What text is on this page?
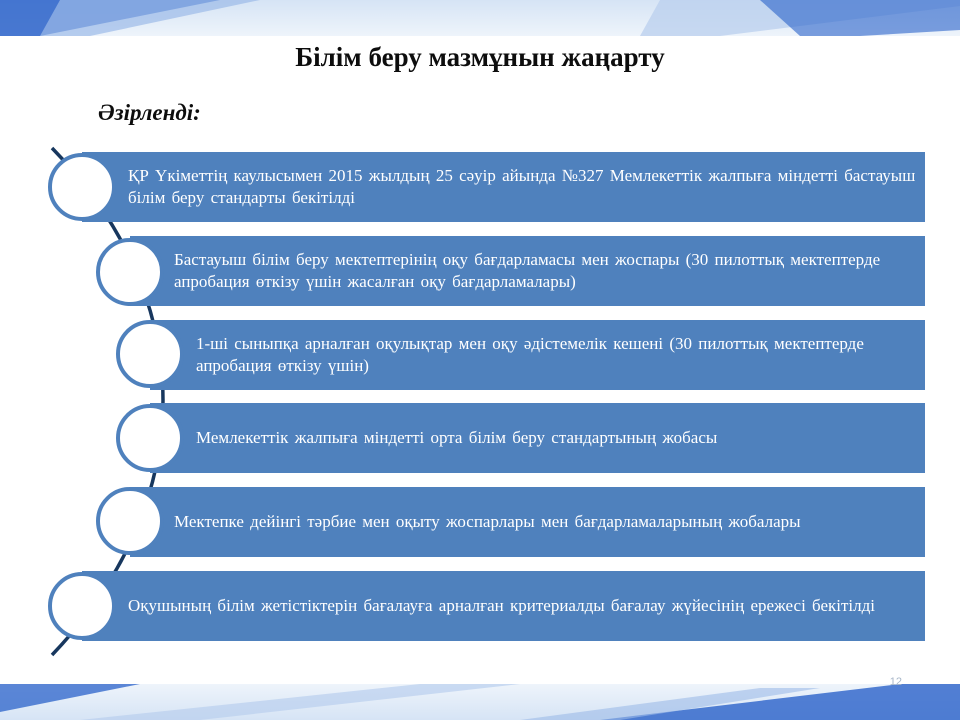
Білім беру мазмұнын жаңарту
Әзірленді:
ҚР Үкіметтің каулысымен 2015 жылдың 25 сәуір айында №327 Мемлекеттік жалпыға міндетті бастауыш білім беру стандарты бекітілді
Бастауыш білім беру мектептерінің оқу бағдарламасы мен жоспары (30 пилоттық мектептерде апробация өткізу үшін жасалған оқу бағдарламалары)
1-ші сыныпқа арналған оқулықтар мен оқу әдістемелік кешені (30 пилоттық мектептерде апробация өткізу үшін)
Мемлекеттік жалпыға міндетті орта білім беру стандартының жобасы
Мектепке дейінгі тәрбие мен оқыту жоспарлары мен бағдарламаларының жобалары
Оқушының білім жетістіктерін бағалауға арналған критериалды бағалау жүйесінің ережесі бекітілді
12
